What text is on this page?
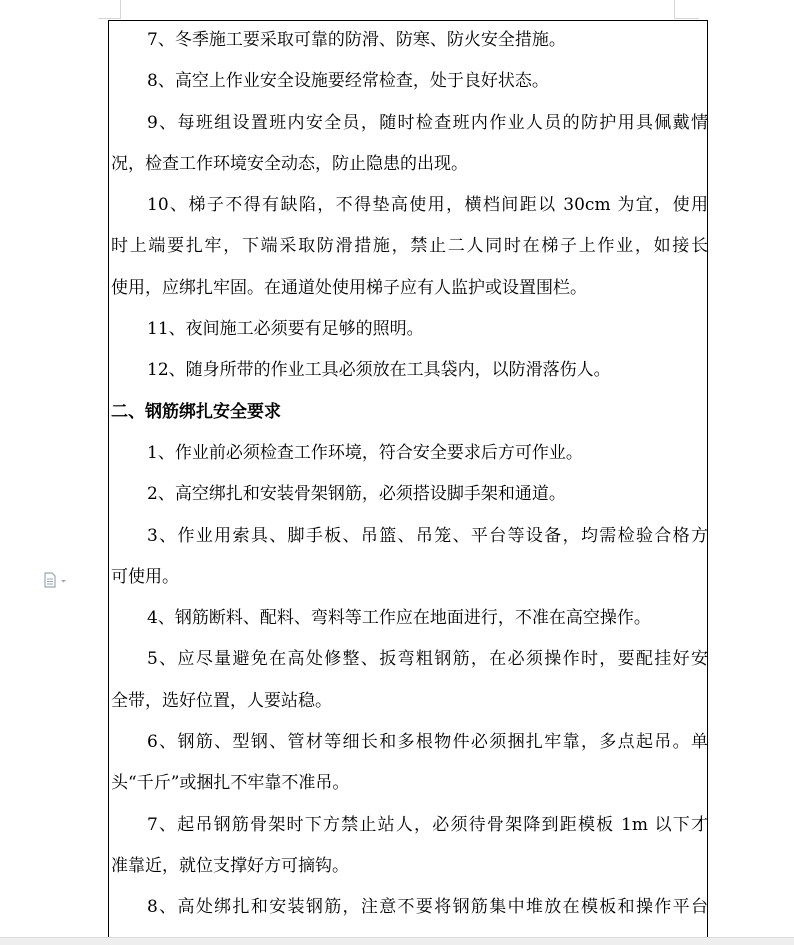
7、冬季施工要采取可靠的防滑、防寒、防火安全措施。
8、高空上作业安全设施要经常检查，处于良好状态。
9、每班组设置班内安全员，随时检查班内作业人员的防护用具佩戴情
况，检查工作环境安全动态，防止隐患的出现。
10、梯子不得有缺陷，不得垫高使用，横档间距以 30cm 为宜，使用
时上端要扎牢，下端采取防滑措施，禁止二人同时在梯子上作业，如接长
使用，应绑扎牢固。在通道处使用梯子应有人监护或设置围栏。
11、夜间施工必须要有足够的照明。
12、随身所带的作业工具必须放在工具袋内，以防滑落伤人。
二、钢筋绑扎安全要求
1、作业前必须检查工作环境，符合安全要求后方可作业。
2、高空绑扎和安装骨架钢筋，必须搭设脚手架和通道。
3、作业用索具、脚手板、吊篮、吊笼、平台等设备，均需检验合格方
可使用。
4、钢筋断料、配料、弯料等工作应在地面进行，不准在高空操作。
5、应尽量避免在高处修整、扳弯粗钢筋，在必须操作时，要配挂好安
全带，选好位置，人要站稳。
6、钢筋、型钢、管材等细长和多根物件必须捆扎牢靠，多点起吊。单
头“千斤”或捆扎不牢靠不准吊。
7、起吊钢筋骨架时下方禁止站人，必须待骨架降到距模板 1m 以下才
准靠近，就位支撑好方可摘钩。
8、高处绑扎和安装钢筋，注意不要将钢筋集中堆放在模板和操作平台
